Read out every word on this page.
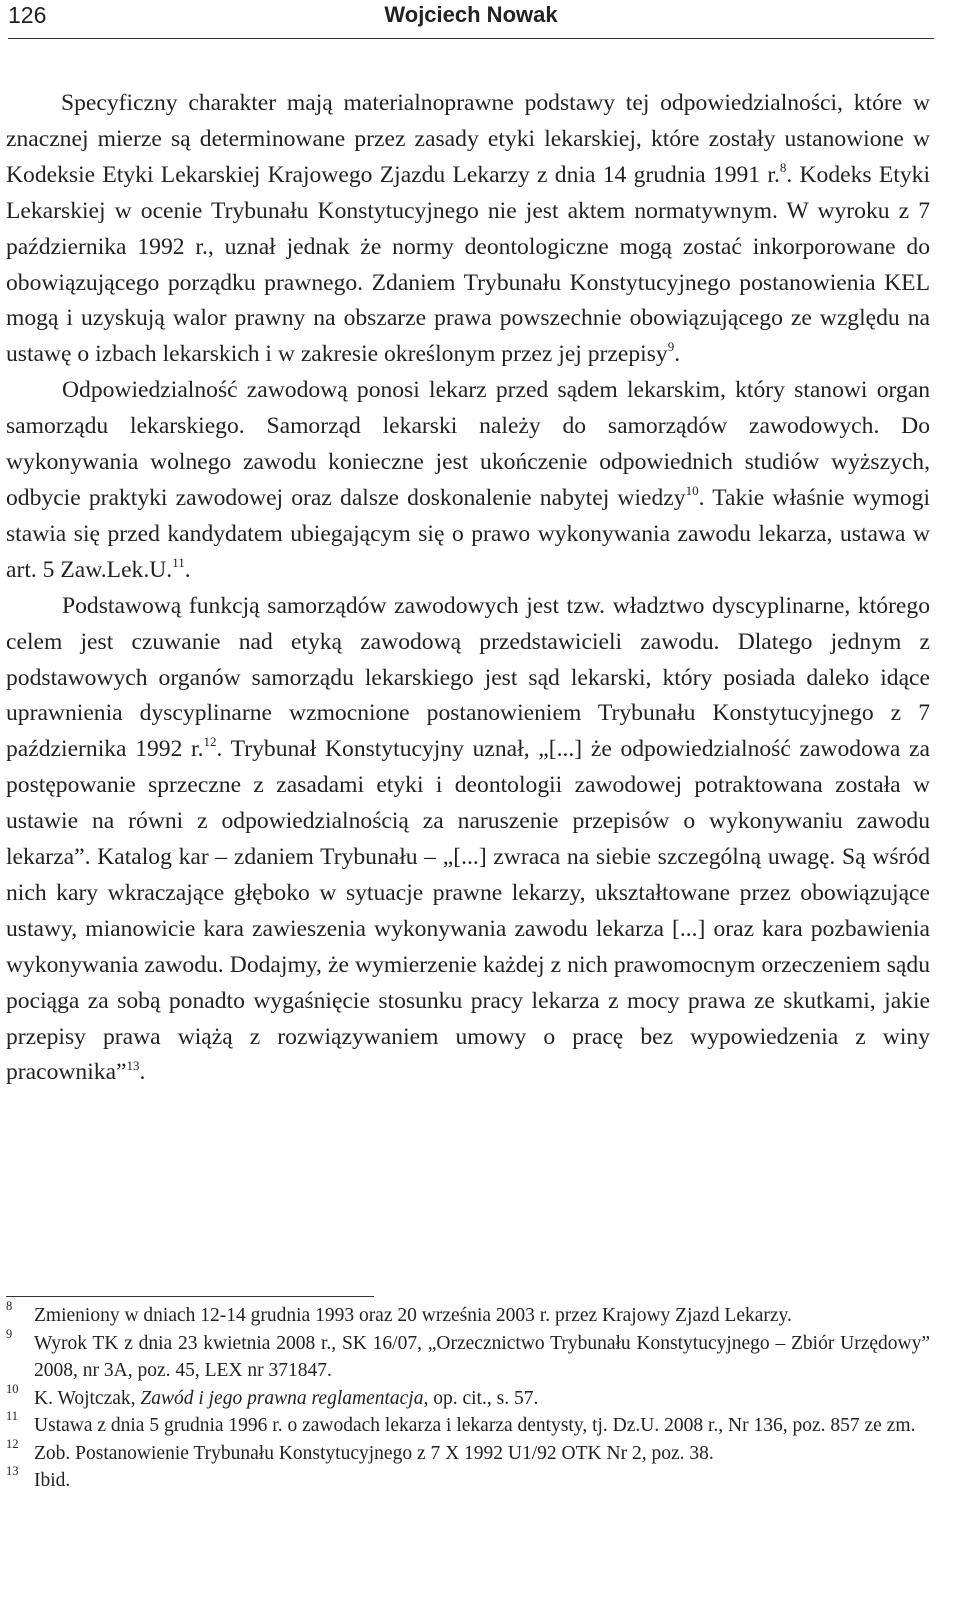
126	Wojciech Nowak

Specyficzny charakter mają materialnoprawne podstawy tej odpowiedzialności, które w znacznej mierze są determinowane przez zasady etyki lekarskiej, które zostały ustanowione w Kodeksie Etyki Lekarskiej Krajowego Zjazdu Lekarzy z dnia 14 grudnia 1991 r.$^8$. Kodeks Etyki Lekarskiej w ocenie Trybunału Konstytucyjnego nie jest aktem normatywnym. W wyroku z 7 października 1992 r., uznał jednak że normy deontologiczne mogą zostać inkorporowane do obowiązującego porządku prawnego. Zdaniem Trybunału Konstytucyjnego postanowienia KEL mogą i uzyskują walor prawny na obszarze prawa powszechnie obowiązującego ze względu na ustawę o izbach lekarskich i w zakresie określonym przez jej przepisy$^9$.

Odpowiedzialność zawodową ponosi lekarz przed sądem lekarskim, który stanowi organ samorządu lekarskiego. Samorząd lekarski należy do samorządów zawodowych. Do wykonywania wolnego zawodu konieczne jest ukończenie odpowiednich studiów wyższych, odbycie praktyki zawodowej oraz dalsze doskonalenie nabytej wiedzy$^{10}$. Takie właśnie wymogi stawia się przed kandydatem ubiegającym się o prawo wykonywania zawodu lekarza, ustawa w art. 5 Zaw.Lek.U.$^{11}$.

Podstawową funkcją samorządów zawodowych jest tzw. władztwo dyscyplinarne, którego celem jest czuwanie nad etyką zawodową przedstawicieli zawodu. Dlatego jednym z podstawowych organów samorządu lekarskiego jest sąd lekarski, który posiada daleko idące uprawnienia dyscyplinarne wzmocnione postanowieniem Trybunału Konstytucyjnego z 7 października 1992 r.$^{12}$. Trybunał Konstytucyjny uznał, „[...] że odpowiedzialność zawodowa za postępowanie sprzeczne z zasadami etyki i deontologii zawodowej potraktowana została w ustawie na równi z odpowiedzialnością za naruszenie przepisów o wykonywaniu zawodu lekarza”. Katalog kar – zdaniem Trybunału – „[...] zwraca na siebie szczególną uwagę. Są wśród nich kary wkraczające głęboko w sytuacje prawne lekarzy, ukształtowane przez obowiązujące ustawy, mianowicie kara zawieszenia wykonywania zawodu lekarza [...] oraz kara pozbawienia wykonywania zawodu. Dodajmy, że wymierzenie każdej z nich prawomocnym orzeczeniem sądu pociąga za sobą ponadto wygaśnięcie stosunku pracy lekarza z mocy prawa ze skutkami, jakie przepisy prawa wiążą z rozwiązywaniem umowy o pracę bez wypowiedzenia z winy pracownika”$^{13}$.

8 Zmieniony w dniach 12-14 grudnia 1993 oraz 20 września 2003 r. przez Krajowy Zjazd Lekarzy.

9 Wyrok TK z dnia 23 kwietnia 2008 r., SK 16/07, „Orzecznictwo Trybunału Konstytucyjnego – Zbiór Urzędowy” 2008, nr 3A, poz. 45, LEX nr 371847.

10 K. Wojtczak, Zawód i jego prawna reglamentacja, op. cit., s. 57.

11 Ustawa z dnia 5 grudnia 1996 r. o zawodach lekarza i lekarza dentysty, tj. Dz.U. 2008 r., Nr 136, poz. 857 ze zm.

12 Zob. Postanowienie Trybunału Konstytucyjnego z 7 X 1992 U1/92 OTK Nr 2, poz. 38.

13 Ibid.
